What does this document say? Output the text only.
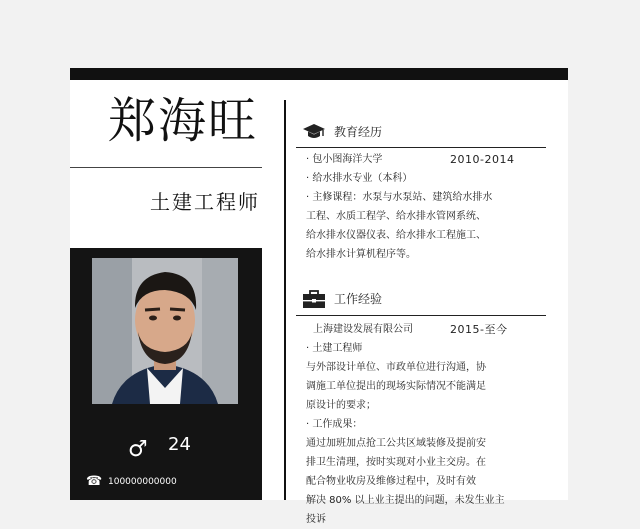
郑海旺
土建工程师
♂ 24
☎ 100000000000
教育经历
· 包小图海洋大学	2010-2014
· 给水排水专业（本科）
· 主修课程：水泵与水泵站、建筑给水排水
工程、水质工程学、给水排水管网系统、
给水排水仪器仪表、给水排水工程施工、
给水排水计算机程序等。
工作经验
上海建设发展有限公司	2015-至今
· 土建工程师
与外部设计单位、市政单位进行沟通，协
调施工单位提出的现场实际情况不能满足
原设计的要求；
· 工作成果：
通过加班加点抢工公共区域装修及提前安
排卫生清理，按时实现对小业主交房。在
配合物业收房及维修过程中，及时有效
解决 80% 以上业主提出的问题，未发生业主
投诉
